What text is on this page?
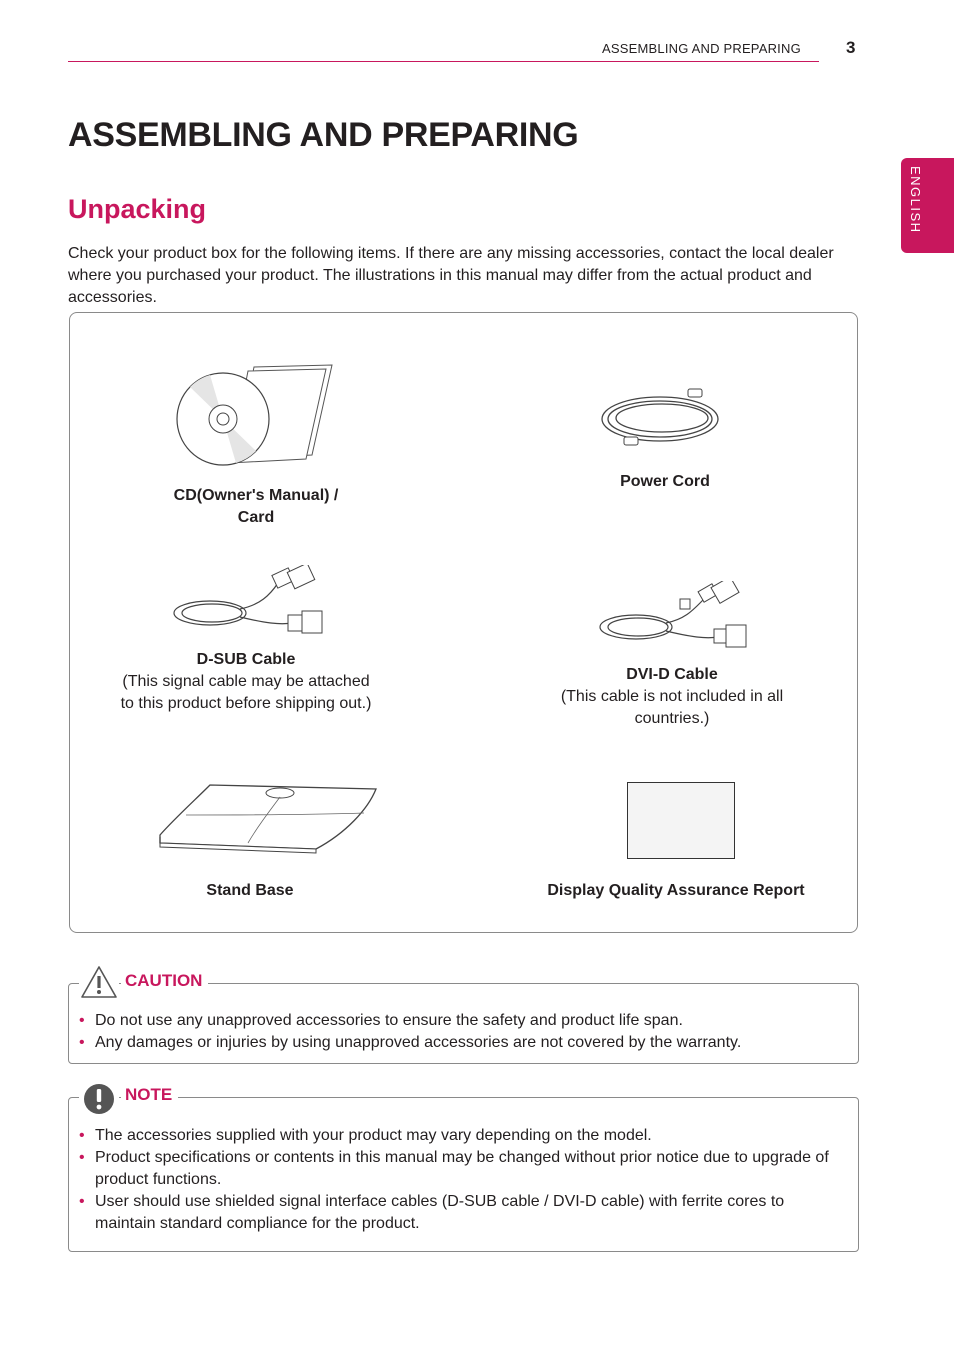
ASSEMBLING AND PREPARING	3
ENGLISH
ASSEMBLING AND PREPARING
Unpacking
Check your product box for the following items. If there are any missing accessories, contact the local dealer where you purchased your product. The illustrations in this manual may differ from the actual product and accessories.
CD(Owner's Manual) /
Card
Power Cord
D-SUB Cable
(This signal cable may be attached
to this product before shipping out.)
DVI-D Cable
(This cable is not included in all
countries.)
Stand Base	Display Quality Assurance Report
CAUTION
• Do not use any unapproved accessories to ensure the safety and product life span.
• Any damages or injuries by using unapproved accessories are not covered by the warranty.
NOTE
• The accessories supplied with your product may vary depending on the model.
• Product specifications or contents in this manual may be changed without prior notice due to upgrade of product functions.
• User should use shielded signal interface cables (D-SUB cable / DVI-D cable) with ferrite cores to maintain standard compliance for the product.
